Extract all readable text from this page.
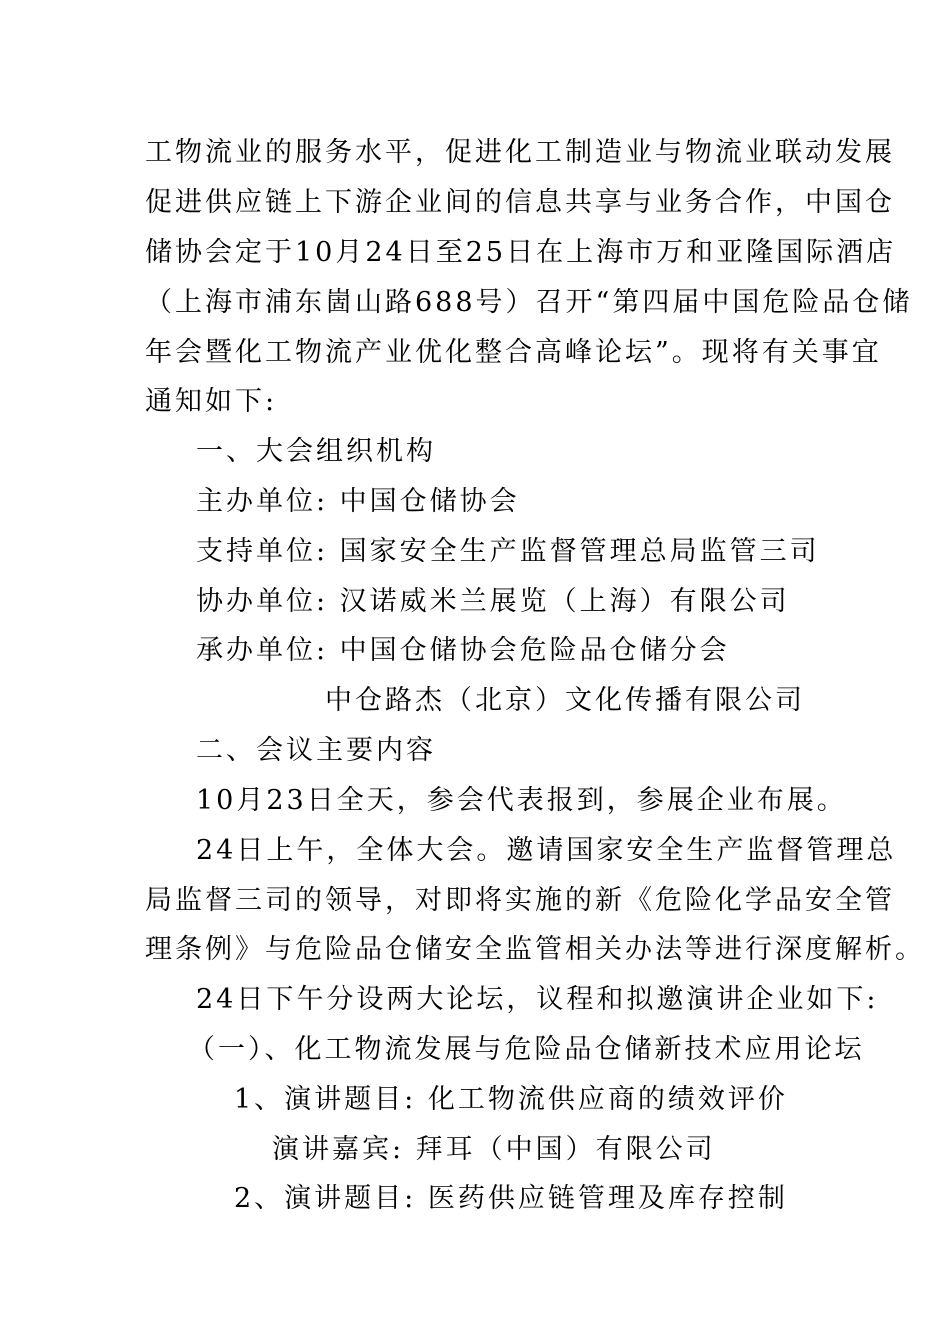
工物流业的服务水平，促进化工制造业与物流业联动发展
促进供应链上下游企业间的信息共享与业务合作，中国仓
储协会定于10月24日至25日在上海市万和亚隆国际酒店
（上海市浦东崮山路688号）召开“第四届中国危险品仓储
年会暨化工物流产业优化整合高峰论坛”。现将有关事宜
通知如下:
一、大会组织机构
主办单位: 中国仓储协会
支持单位: 国家安全生产监督管理总局监管三司
协办单位: 汉诺威米兰展览（上海）有限公司
承办单位: 中国仓储协会危险品仓储分会
中仓路杰（北京）文化传播有限公司
二、会议主要内容
10月23日全天，参会代表报到，参展企业布展。
24日上午，全体大会。邀请国家安全生产监督管理总
局监督三司的领导，对即将实施的新《危险化学品安全管
理条例》与危险品仓储安全监管相关办法等进行深度解析。
24日下午分设两大论坛，议程和拟邀演讲企业如下:
（一）、化工物流发展与危险品仓储新技术应用论坛
1、演讲题目: 化工物流供应商的绩效评价
演讲嘉宾: 拜耳（中国）有限公司
2、演讲题目: 医药供应链管理及库存控制
